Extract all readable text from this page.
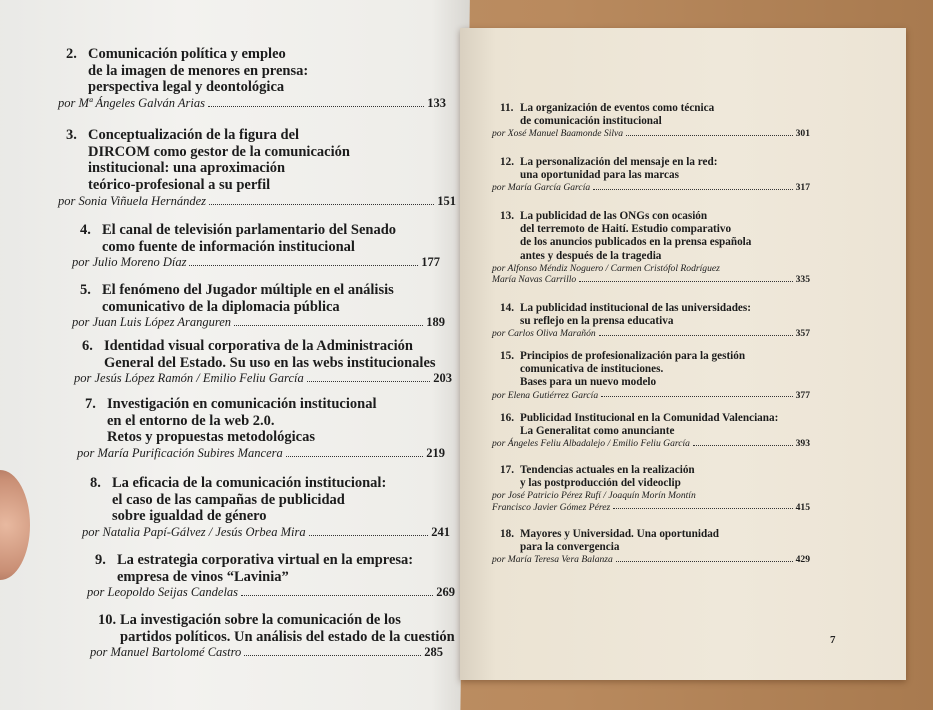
2. Comunicación política y empleo
de la imagen de menores en prensa:
perspectiva legal y deontológica
por Mª Ángeles Galván Arias	133
3. Conceptualización de la figura del
DIRCOM como gestor de la comunicación
institucional: una aproximación
teórico-profesional a su perfil
por Sonia Viñuela Hernández	151
4. El canal de televisión parlamentario del Senado
como fuente de información institucional
por Julio Moreno Díaz	177
5. El fenómeno del Jugador múltiple en el análisis
comunicativo de la diplomacia pública
por Juan Luis López Aranguren	189
6. Identidad visual corporativa de la Administración
General del Estado. Su uso en las webs institucionales
por Jesús López Ramón / Emilio Feliu García	203
7. Investigación en comunicación institucional
en el entorno de la web 2.0.
Retos y propuestas metodológicas
por María Purificación Subires Mancera	219
8. La eficacia de la comunicación institucional:
el caso de las campañas de publicidad
sobre igualdad de género
por Natalia Papí-Gálvez / Jesús Orbea Mira	241
9. La estrategia corporativa virtual en la empresa:
empresa de vinos “Lavinia”
por Leopoldo Seijas Candelas	269
10. La investigación sobre la comunicación de los
partidos políticos. Un análisis del estado de la cuestión
por Manuel Bartolomé Castro	285
11. La organización de eventos como técnica
de comunicación institucional
por Xosé Manuel Baamonde Silva	301
12. La personalización del mensaje en la red:
una oportunidad para las marcas
por María García García	317
13. La publicidad de las ONGs con ocasión
del terremoto de Haití. Estudio comparativo
de los anuncios publicados en la prensa española
antes y después de la tragedia
por Alfonso Méndiz Noguero / Carmen Cristófol Rodríguez
María Navas Carrillo	335
14. La publicidad institucional de las universidades:
su reflejo en la prensa educativa
por Carlos Oliva Marañón	357
15. Principios de profesionalización para la gestión
comunicativa de instituciones.
Bases para un nuevo modelo
por Elena Gutiérrez García	377
16. Publicidad Institucional en la Comunidad Valenciana:
La Generalitat como anunciante
por Ángeles Feliu Albadalejo / Emilio Feliu García	393
17. Tendencias actuales en la realización
y las postproducción del videoclip
por José Patricio Pérez Rufí / Joaquín Morín Montín
Francisco Javier Gómez Pérez	415
18. Mayores y Universidad. Una oportunidad
para la convergencia
por María Teresa Vera Balanza	429
7
